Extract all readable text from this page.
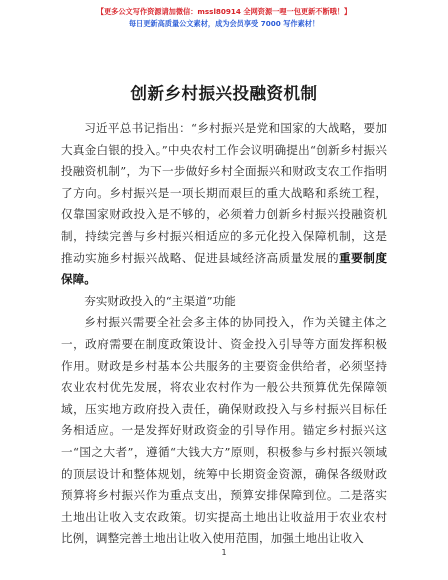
【更多公文写作资源请加微信：mssl80914 全网资源一哩一包更新不断哦！】
每日更新高质量公文素材，成为会员享受 7000 写作素材！
创新乡村振兴投融资机制

习近平总书记指出：“乡村振兴是党和国家的大战略，要加大真金白银的投入。”中央农村工作会议明确提出“创新乡村振兴投融资机制”，为下一步做好乡村全面振兴和财政支农工作指明了方向。乡村振兴是一项长期而艰巨的重大战略和系统工程，仅靠国家财政投入是不够的，必须着力创新乡村振兴投融资机制，持续完善与乡村振兴相适应的多元化投入保障机制，这是推动实施乡村振兴战略、促进县域经济高质量发展的重要制度保障。

夯实财政投入的“主渠道”功能

乡村振兴需要全社会多主体的协同投入，作为关键主体之一，政府需要在制度政策设计、资金投入引导等方面发挥积极作用。财政是乡村基本公共服务的主要资金供给者，必须坚持农业农村优先发展，将农业农村作为一般公共预算优先保障领域，压实地方政府投入责任，确保财政投入与乡村振兴目标任务相适应。一是发挥好财政资金的引导作用。锚定乡村振兴这一“国之大者”，遵循“大钱大方”原则，积极参与乡村振兴领域的顶层设计和整体规划，统筹中长期资金资源，确保各级财政预算将乡村振兴作为重点支出，预算安排保障到位。二是落实土地出让收入支农政策。切实提高土地出让收益用于农业农村比例，调整完善土地出让收入使用范围，加强土地出让收入

1
